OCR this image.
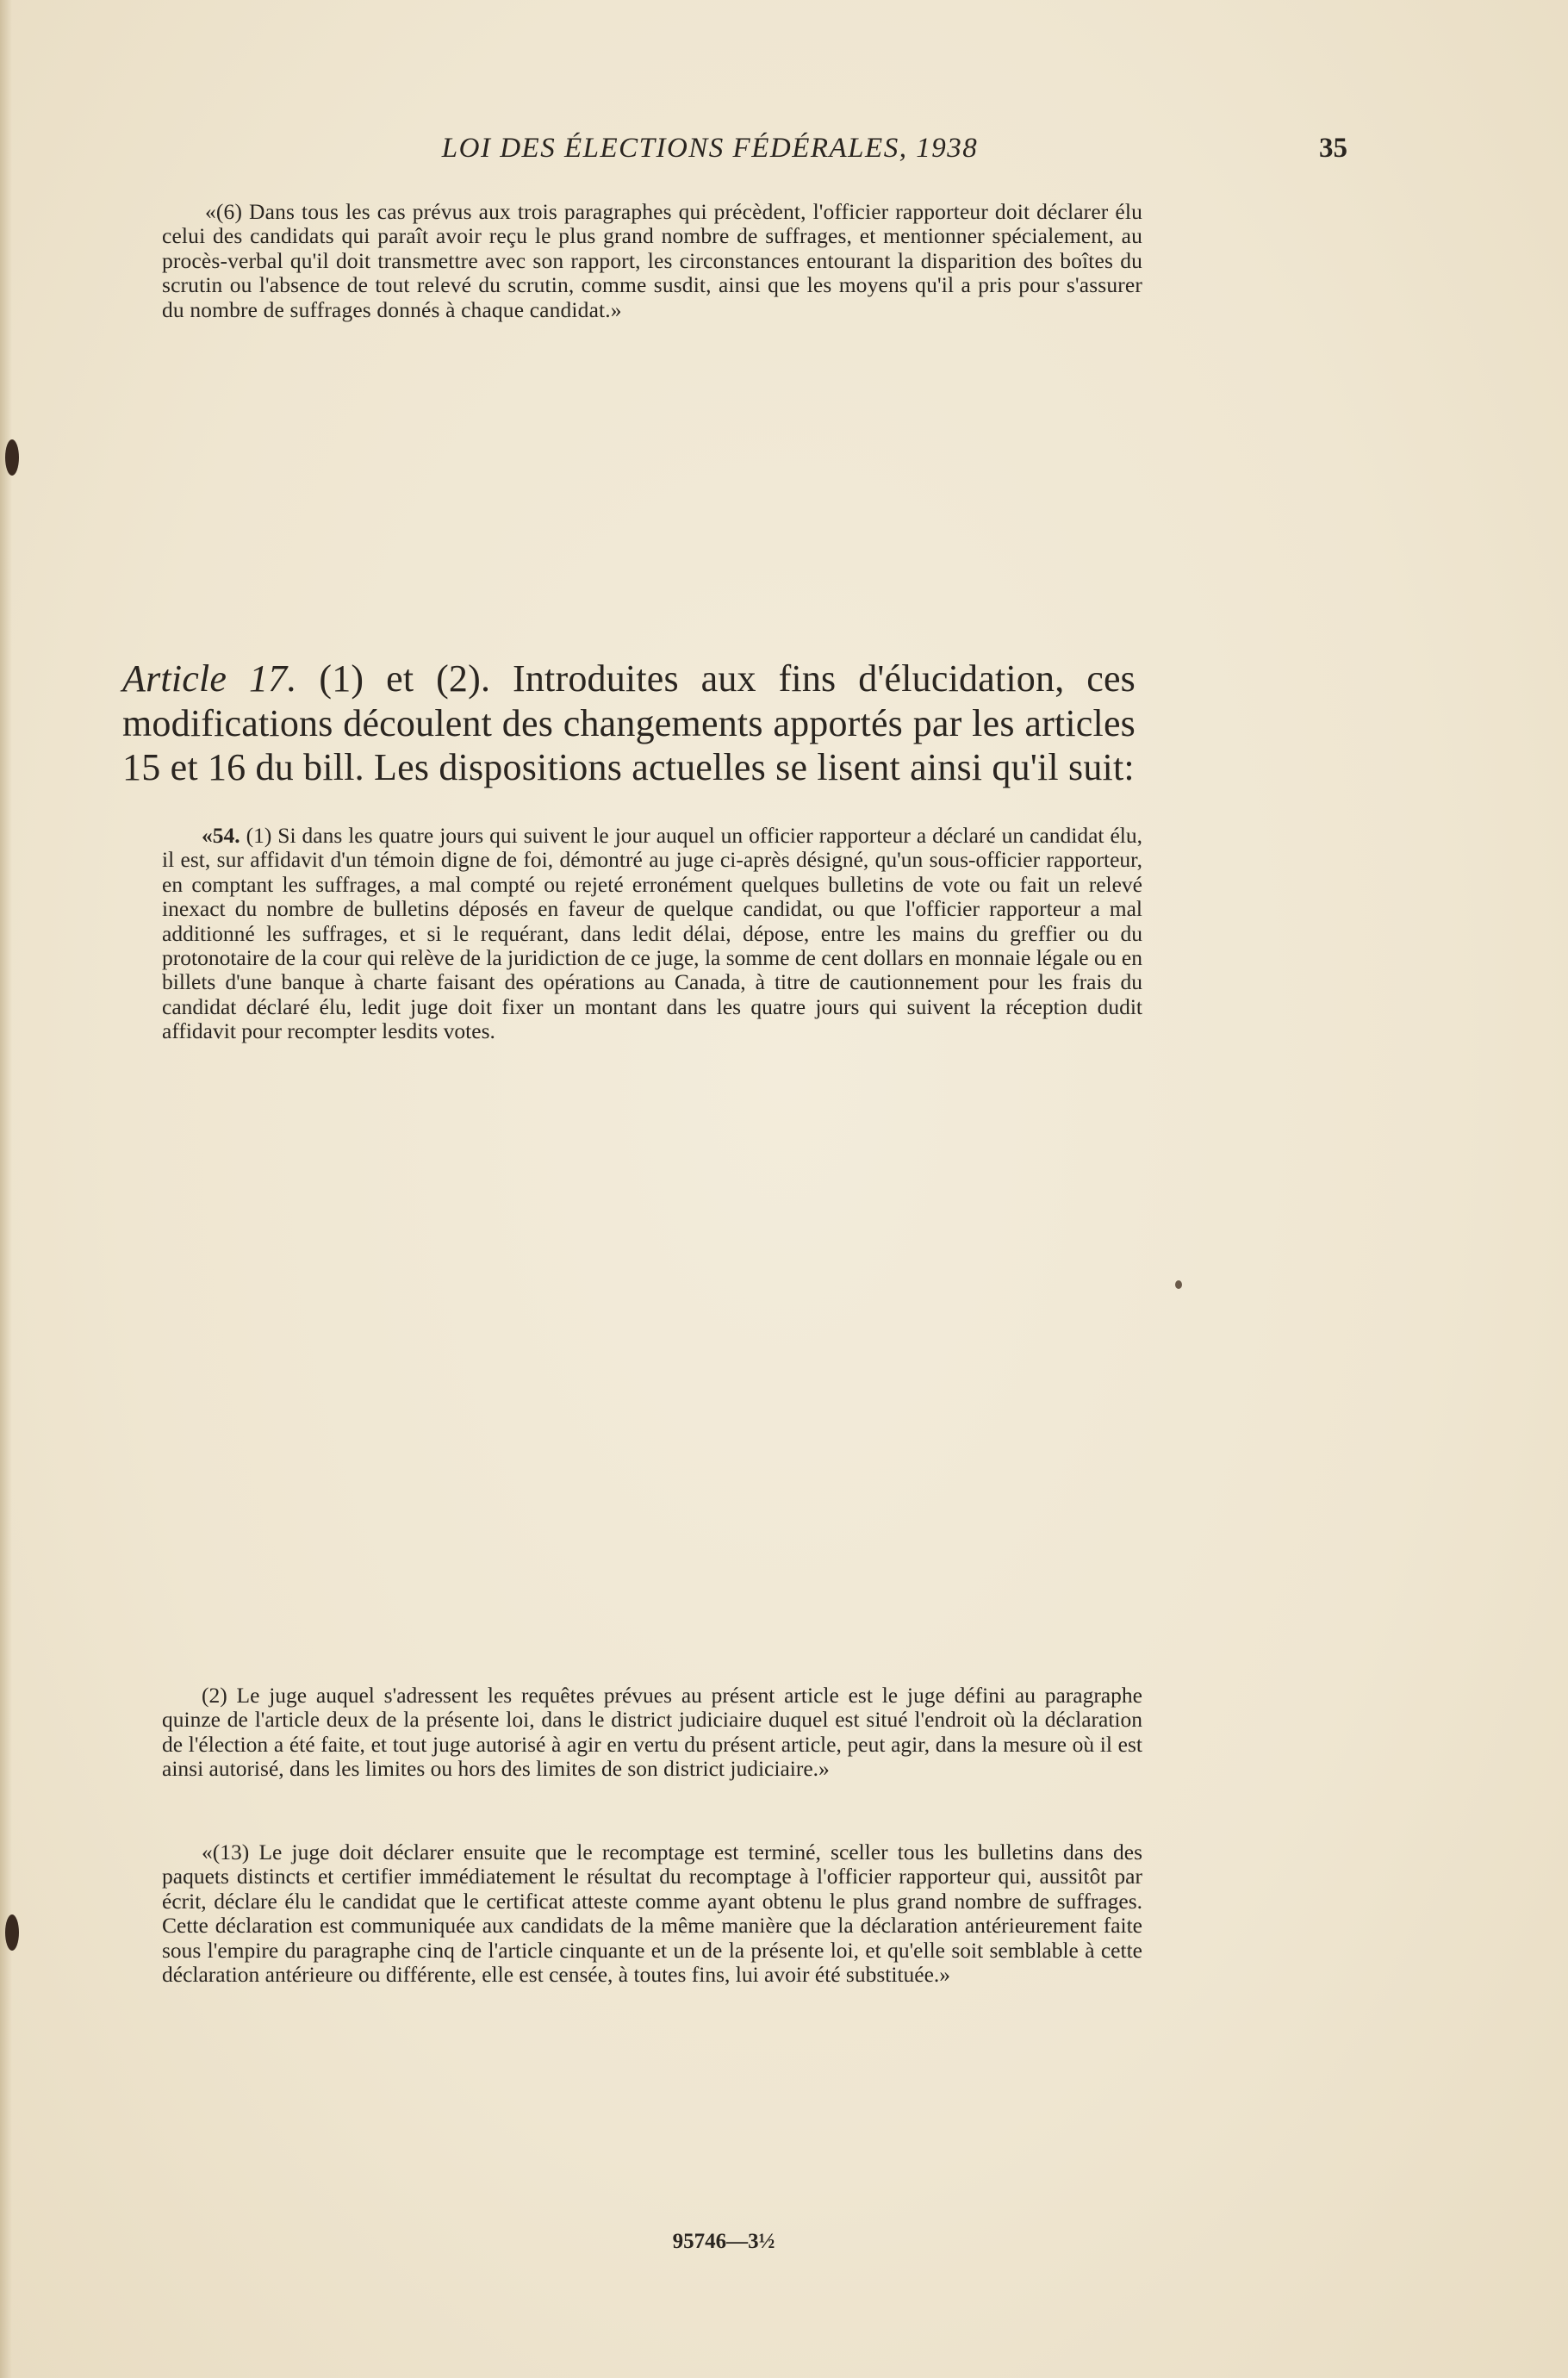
LOI DES ÉLECTIONS FÉDÉRALES, 1938	35

«(6) Dans tous les cas prévus aux trois paragraphes qui précèdent, l'officier rapporteur doit déclarer élu celui des candidats qui paraît avoir reçu le plus grand nombre de suffrages, et mentionner spécialement, au procès-verbal qu'il doit transmettre avec son rapport, les circonstances entourant la disparition des boîtes du scrutin ou l'absence de tout relevé du scrutin, comme susdit, ainsi que les moyens qu'il a pris pour s'assurer du nombre de suffrages donnés à chaque candidat.»

Article 17. (1) et (2). Introduites aux fins d'élucidation, ces modifications découlent des changements apportés par les articles 15 et 16 du bill. Les dispositions actuelles se lisent ainsi qu'il suit:

«54. (1) Si dans les quatre jours qui suivent le jour auquel un officier rapporteur a déclaré un candidat élu, il est, sur affidavit d'un témoin digne de foi, démontré au juge ci-après désigné, qu'un sous-officier rapporteur, en comptant les suffrages, a mal compté ou rejeté erronément quelques bulletins de vote ou fait un relevé inexact du nombre de bulletins déposés en faveur de quelque candidat, ou que l'officier rapporteur a mal additionné les suffrages, et si le requérant, dans ledit délai, dépose, entre les mains du greffier ou du protonotaire de la cour qui relève de la juridiction de ce juge, la somme de cent dollars en monnaie légale ou en billets d'une banque à charte faisant des opérations au Canada, à titre de cautionnement pour les frais du candidat déclaré élu, ledit juge doit fixer un montant dans les quatre jours qui suivent la réception dudit affidavit pour recompter lesdits votes.

(2) Le juge auquel s'adressent les requêtes prévues au présent article est le juge défini au paragraphe quinze de l'article deux de la présente loi, dans le district judiciaire duquel est situé l'endroit où la déclaration de l'élection a été faite, et tout juge autorisé à agir en vertu du présent article, peut agir, dans la mesure où il est ainsi autorisé, dans les limites ou hors des limites de son district judiciaire.»

«(13) Le juge doit déclarer ensuite que le recomptage est terminé, sceller tous les bulletins dans des paquets distincts et certifier immédiatement le résultat du recomptage à l'officier rapporteur qui, aussitôt par écrit, déclare élu le candidat que le certificat atteste comme ayant obtenu le plus grand nombre de suffrages. Cette déclaration est communiquée aux candidats de la même manière que la déclaration antérieurement faite sous l'empire du paragraphe cinq de l'article cinquante et un de la présente loi, et qu'elle soit semblable à cette déclaration antérieure ou différente, elle est censée, à toutes fins, lui avoir été substituée.»

95746—3½
